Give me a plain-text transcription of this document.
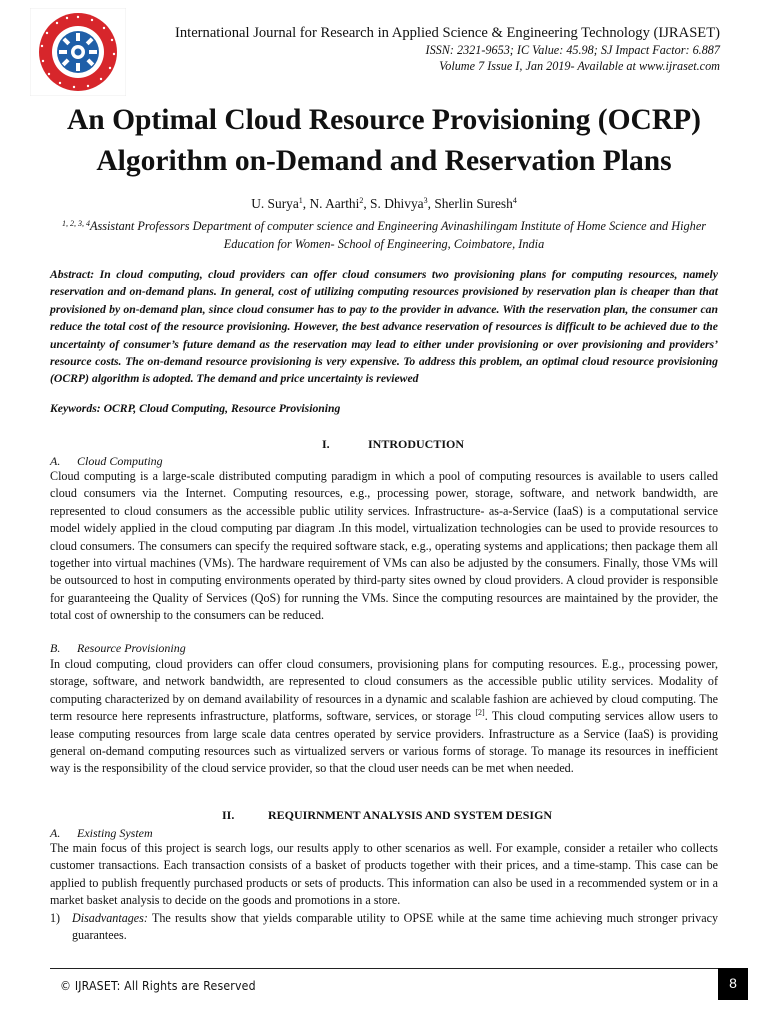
International Journal for Research in Applied Science & Engineering Technology (IJRASET)
ISSN: 2321-9653; IC Value: 45.98; SJ Impact Factor: 6.887
Volume 7 Issue I, Jan 2019- Available at www.ijraset.com
An Optimal Cloud Resource Provisioning (OCRP)
Algorithm on-Demand and Reservation Plans
U. Surya$^1$, N. Aarthi$^2$, S. Dhivya$^3$, Sherlin Suresh$^4$
$^{1, 2, 3, 4}$Assistant Professors Department of computer science and Engineering Avinashilingam Institute of Home Science and Higher
Education for Women- School of Engineering, Coimbatore, India
Abstract: In cloud computing, cloud providers can offer cloud consumers two provisioning plans for computing resources, namely reservation and on-demand plans. In general, cost of utilizing computing resources provisioned by reservation plan is cheaper than that provisioned by on-demand plan, since cloud consumer has to pay to the provider in advance. With the reservation plan, the consumer can reduce the total cost of the resource provisioning. However, the best advance reservation of resources is difficult to be achieved due to the uncertainty of consumer’s future demand as the reservation may lead to either under provisioning or over provisioning and providers’ resource costs. The on-demand resource provisioning is very expensive. To address this problem, an optimal cloud resource provisioning (OCRP) algorithm is adopted. The demand and price uncertainty is reviewed
Keywords: OCRP, Cloud Computing, Resource Provisioning
I.	INTRODUCTION
A. Cloud Computing
Cloud computing is a large-scale distributed computing paradigm in which a pool of computing resources is available to users called cloud consumers via the Internet. Computing resources, e.g., processing power, storage, software, and network bandwidth, are represented to cloud consumers as the accessible public utility services. Infrastructure- as-a-Service (IaaS) is a computational service model widely applied in the cloud computing par diagram .In this model, virtualization technologies can be used to provide resources to cloud consumers. The consumers can specify the required software stack, e.g., operating systems and applications; then package them all together into virtual machines (VMs). The hardware requirement of VMs can also be adjusted by the consumers. Finally, those VMs will be outsourced to host in computing environments operated by third-party sites owned by cloud providers. A cloud provider is responsible for guaranteeing the Quality of Services (QoS) for running the VMs. Since the computing resources are maintained by the provider, the total cost of ownership to the consumers can be reduced.
B. Resource Provisioning
In cloud computing, cloud providers can offer cloud consumers, provisioning plans for computing resources. E.g., processing power, storage, software, and network bandwidth, are represented to cloud consumers as the accessible public utility services. Modality of computing characterized by on demand availability of resources in a dynamic and scalable fashion are achieved by cloud computing. The term resource here represents infrastructure, platforms, software, services, or storage [2]. This cloud computing services allow users to lease computing resources from large scale data centres operated by service providers. Infrastructure as a Service (IaaS) is providing general on-demand computing resources such as virtualized servers or various forms of storage. To manage its resources in inefficient way is the responsibility of the cloud service provider, so that the cloud user needs can be met when needed.
II.	REQUIRNMENT ANALYSIS AND SYSTEM DESIGN
A. Existing System
The main focus of this project is search logs, our results apply to other scenarios as well. For example, consider a retailer who collects customer transactions. Each transaction consists of a basket of products together with their prices, and a time-stamp. This case can be applied to publish frequently purchased products or sets of products. This information can also be used in a recommended system or in a market basket analysis to decide on the goods and promotions in a store.
1) Disadvantages: The results show that yields comparable utility to OPSE while at the same time achieving much stronger privacy guarantees.
© IJRASET: All Rights are Reserved	8
